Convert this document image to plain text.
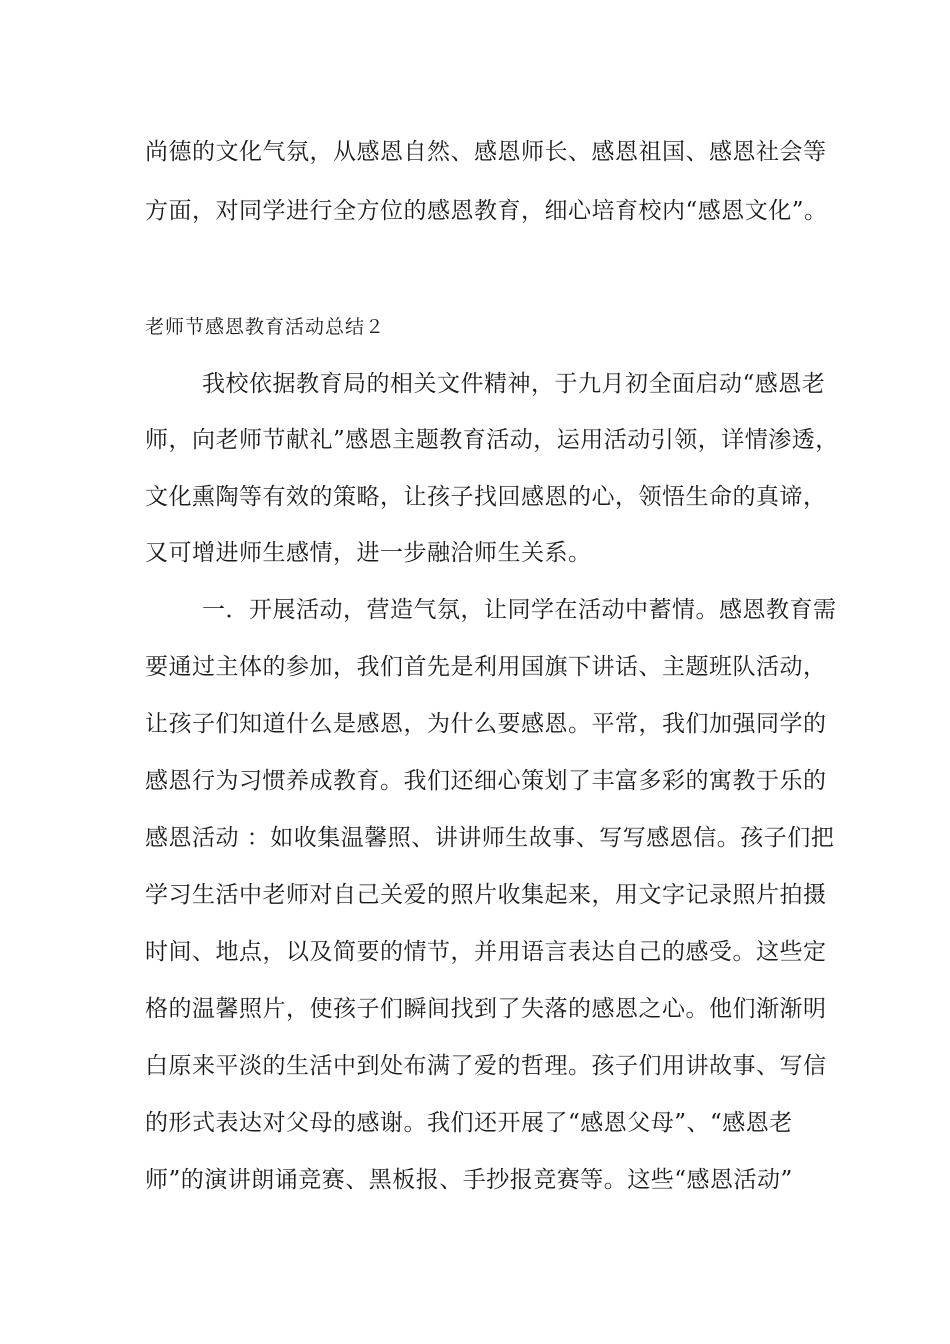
尚德的文化气氛，从感恩自然、感恩师长、感恩祖国、感恩社会等
方面，对同学进行全方位的感恩教育，细心培育校内“感恩文化”。
老师节感恩教育活动总结２
我校依据教育局的相关文件精神，于九月初全面启动“感恩老
师，向老师节献礼”感恩主题教育活动，运用活动引领，详情渗透，
文化熏陶等有效的策略，让孩子找回感恩的心，领悟生命的真谛，
又可增进师生感情，进一步融洽师生关系。
一．开展活动，营造气氛，让同学在活动中蓄情。感恩教育需
要通过主体的参加，我们首先是利用国旗下讲话、主题班队活动，
让孩子们知道什么是感恩，为什么要感恩。平常，我们加强同学的
感恩行为习惯养成教育。我们还细心策划了丰富多彩的寓教于乐的
感恩活动 ：如收集温馨照、讲讲师生故事、写写感恩信。孩子们把
学习生活中老师对自己关爱的照片收集起来，用文字记录照片拍摄
时间、地点，以及简要的情节，并用语言表达自己的感受。这些定
格的温馨照片，使孩子们瞬间找到了失落的感恩之心。他们渐渐明
白原来平淡的生活中到处布满了爱的哲理。孩子们用讲故事、写信
的形式表达对父母的感谢。我们还开展了“感恩父母”、“感恩老
师”的演讲朗诵竞赛、黑板报、手抄报竞赛等。这些“感恩活动”
